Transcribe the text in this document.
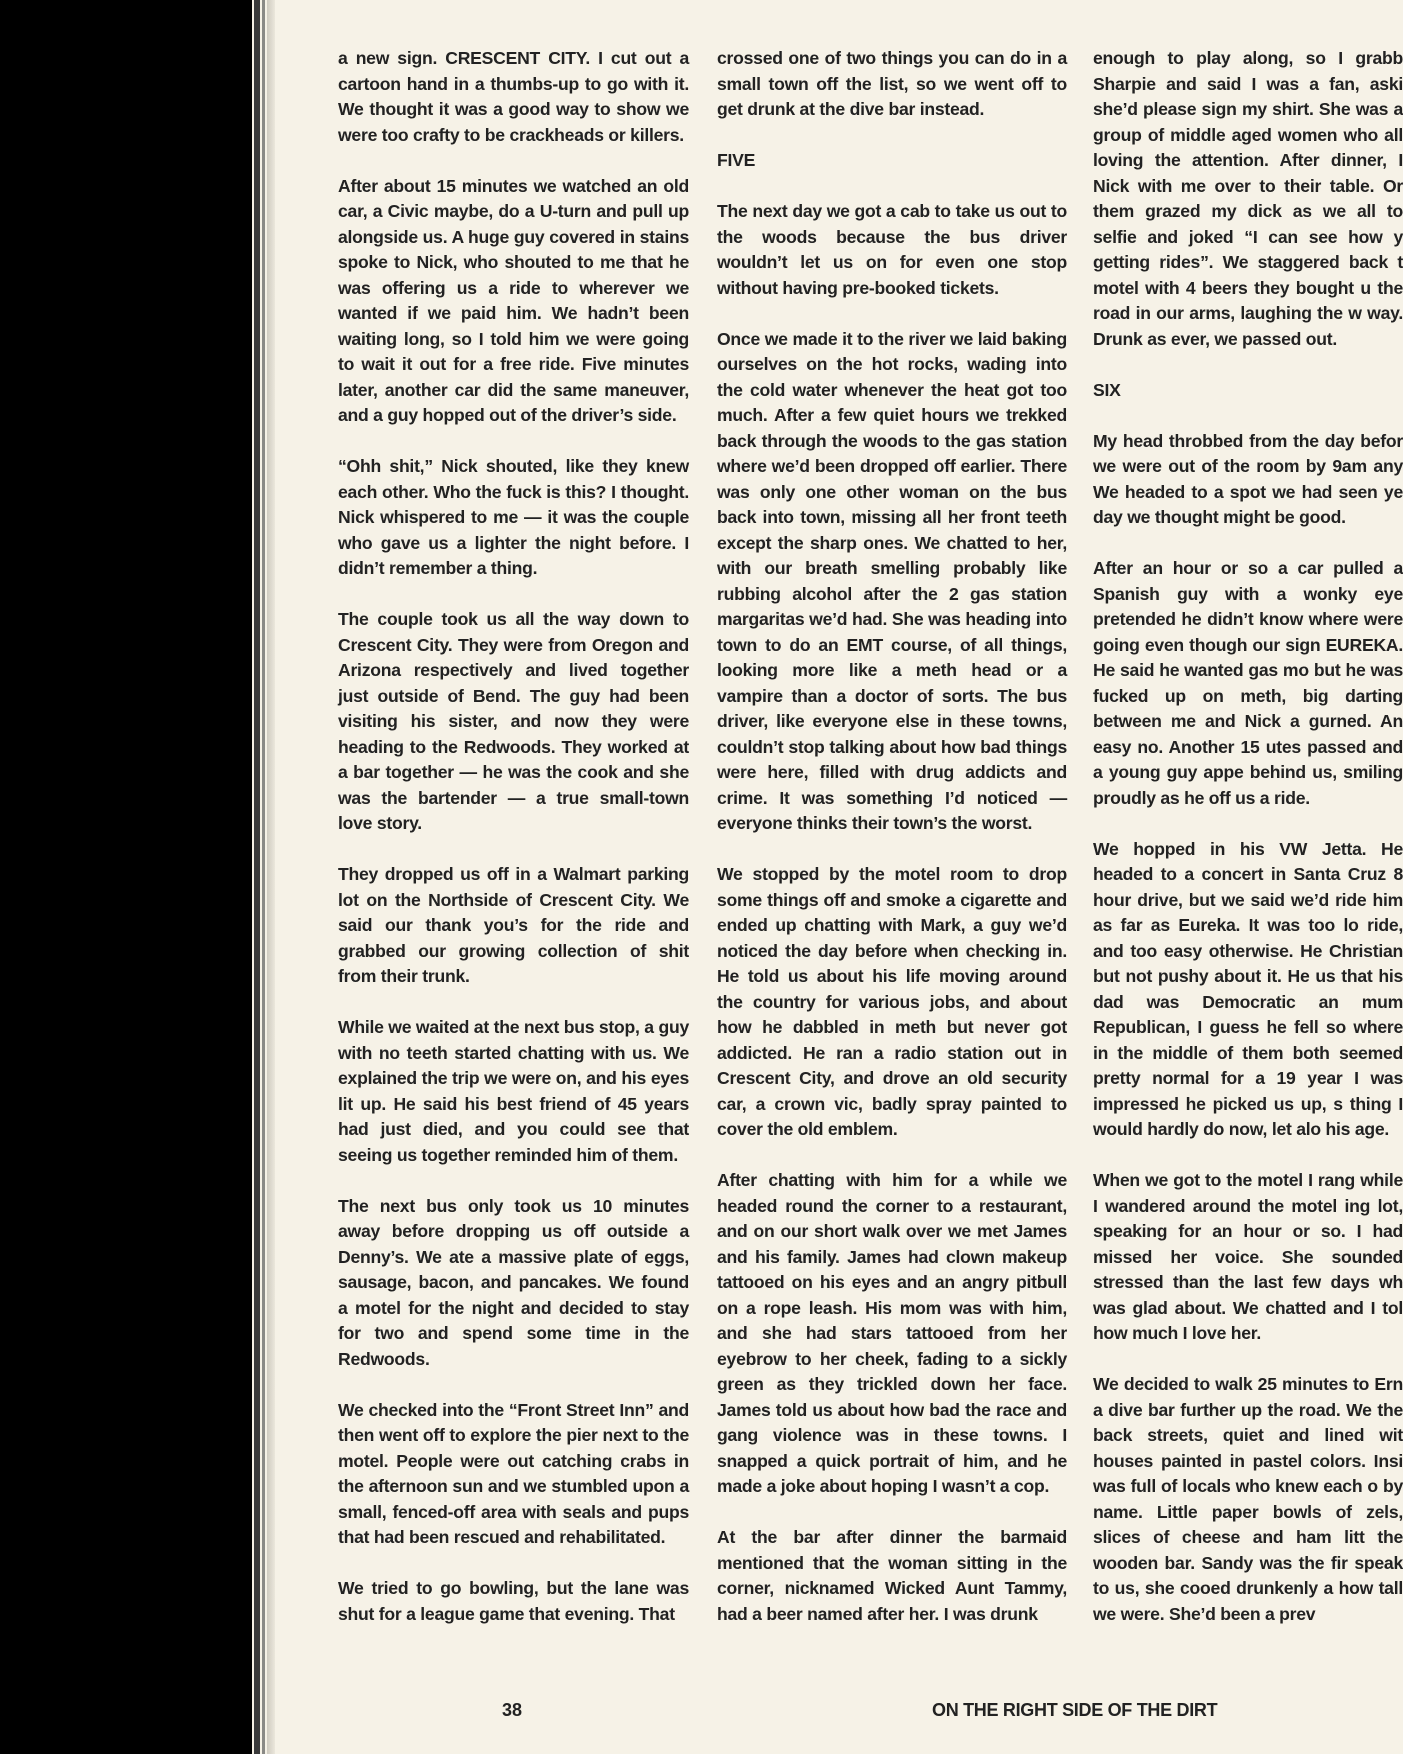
a new sign. CRESCENT CITY. I cut out a cartoon hand in a thumbs-up to go with it. We thought it was a good way to show we were too crafty to be crackheads or killers.

After about 15 minutes we watched an old car, a Civic maybe, do a U-turn and pull up alongside us. A huge guy covered in stains spoke to Nick, who shouted to me that he was offering us a ride to wherever we wanted if we paid him. We hadn’t been waiting long, so I told him we were going to wait it out for a free ride. Five minutes later, another car did the same maneuver, and a guy hopped out of the driver’s side.

“Ohh shit,” Nick shouted, like they knew each other. Who the fuck is this? I thought. Nick whispered to me — it was the couple who gave us a lighter the night before. I didn’t remember a thing.

The couple took us all the way down to Crescent City. They were from Oregon and Arizona respectively and lived together just outside of Bend. The guy had been visiting his sister, and now they were heading to the Redwoods. They worked at a bar together — he was the cook and she was the bartender — a true small-town love story.

They dropped us off in a Walmart parking lot on the Northside of Crescent City. We said our thank you’s for the ride and grabbed our growing collection of shit from their trunk.

While we waited at the next bus stop, a guy with no teeth started chatting with us. We explained the trip we were on, and his eyes lit up. He said his best friend of 45 years had just died, and you could see that seeing us together reminded him of them.

The next bus only took us 10 minutes away before dropping us off outside a Denny’s. We ate a massive plate of eggs, sausage, bacon, and pancakes. We found a motel for the night and decided to stay for two and spend some time in the Redwoods.

We checked into the “Front Street Inn” and then went off to explore the pier next to the motel. People were out catching crabs in the afternoon sun and we stumbled upon a small, fenced-off area with seals and pups that had been rescued and rehabilitated.

We tried to go bowling, but the lane was shut for a league game that evening. That

crossed one of two things you can do in a small town off the list, so we went off to get drunk at the dive bar instead.

FIVE

The next day we got a cab to take us out to the woods because the bus driver wouldn’t let us on for even one stop without having pre-booked tickets.

Once we made it to the river we laid baking ourselves on the hot rocks, wading into the cold water whenever the heat got too much. After a few quiet hours we trekked back through the woods to the gas station where we’d been dropped off earlier. There was only one other woman on the bus back into town, missing all her front teeth except the sharp ones. We chatted to her, with our breath smelling probably like rubbing alcohol after the 2 gas station margaritas we’d had. She was heading into town to do an EMT course, of all things, looking more like a meth head or a vampire than a doctor of sorts. The bus driver, like everyone else in these towns, couldn’t stop talking about how bad things were here, filled with drug addicts and crime. It was something I’d noticed — everyone thinks their town’s the worst.

We stopped by the motel room to drop some things off and smoke a cigarette and ended up chatting with Mark, a guy we’d noticed the day before when checking in. He told us about his life moving around the country for various jobs, and about how he dabbled in meth but never got addicted. He ran a radio station out in Crescent City, and drove an old security car, a crown vic, badly spray painted to cover the old emblem.

After chatting with him for a while we headed round the corner to a restaurant, and on our short walk over we met James and his family. James had clown makeup tattooed on his eyes and an angry pitbull on a rope leash. His mom was with him, and she had stars tattooed from her eyebrow to her cheek, fading to a sickly green as they trickled down her face. James told us about how bad the race and gang violence was in these towns. I snapped a quick portrait of him, and he made a joke about hoping I wasn’t a cop.

At the bar after dinner the barmaid mentioned that the woman sitting in the corner, nicknamed Wicked Aunt Tammy, had a beer named after her. I was drunk

enough to play along, so I grabb Sharpie and said I was a fan, aski she’d please sign my shirt. She was a group of middle aged women who all loving the attention. After dinner, I Nick with me over to their table. Or them grazed my dick as we all to selfie and joked “I can see how y getting rides”. We staggered back t motel with 4 beers they bought u the road in our arms, laughing the w way. Drunk as ever, we passed out.

SIX

My head throbbed from the day befor we were out of the room by 9am any We headed to a spot we had seen ye day we thought might be good.

After an hour or so a car pulled a Spanish guy with a wonky eye pretended he didn’t know where were going even though our sign EUREKA. He said he wanted gas mo but he was fucked up on meth, big darting between me and Nick a gurned. An easy no. Another 15 utes passed and a young guy appe behind us, smiling proudly as he off us a ride.

We hopped in his VW Jetta. He headed to a concert in Santa Cruz 8 hour drive, but we said we’d ride him as far as Eureka. It was too lo ride, and too easy otherwise. He Christian but not pushy about it. He us that his dad was Democratic an mum Republican, I guess he fell so where in the middle of them both seemed pretty normal for a 19 year I was impressed he picked us up, s thing I would hardly do now, let alo his age.

When we got to the motel I rang while I wandered around the motel ing lot, speaking for an hour or so. I had missed her voice. She sounded stressed than the last few days wh was glad about. We chatted and I tol how much I love her.

We decided to walk 25 minutes to Ern a dive bar further up the road. We the back streets, quiet and lined wit houses painted in pastel colors. Insi was full of locals who knew each o by name. Little paper bowls of zels, slices of cheese and ham litt the wooden bar. Sandy was the fir speak to us, she cooed drunkenly a how tall we were. She’d been a prev

38	ON THE RIGHT SIDE OF THE DIRT
